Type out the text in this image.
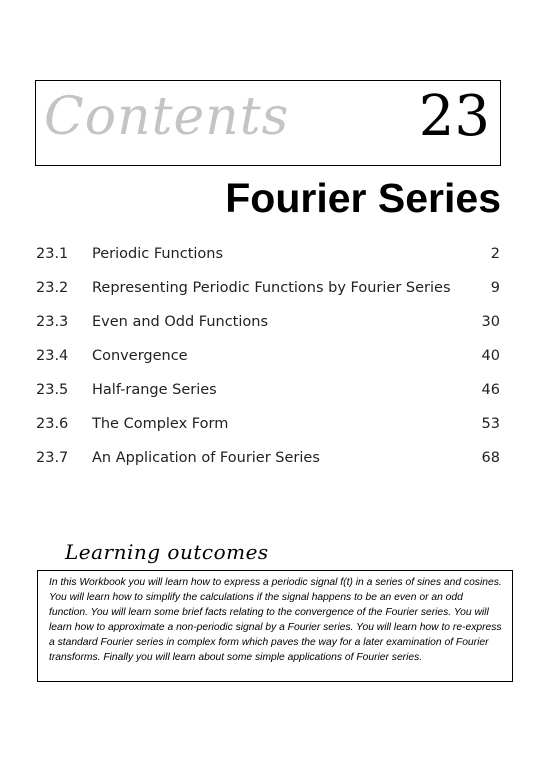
Contents 23
Fourier Series
23.1 Periodic Functions	2
23.2 Representing Periodic Functions by Fourier Series	9
23.3 Even and Odd Functions	30
23.4 Convergence	40
23.5 Half-range Series	46
23.6 The Complex Form	53
23.7 An Application of Fourier Series	68
Learning outcomes

In this Workbook you will learn how to express a periodic signal f(t) in a series of sines and cosines. You will learn how to simplify the calculations if the signal happens to be an even or an odd function. You will learn some brief facts relating to the convergence of the Fourier series. You will learn how to approximate a non-periodic signal by a Fourier series. You will learn how to re-express a standard Fourier series in complex form which paves the way for a later examination of Fourier transforms. Finally you will learn about some simple applications of Fourier series.
